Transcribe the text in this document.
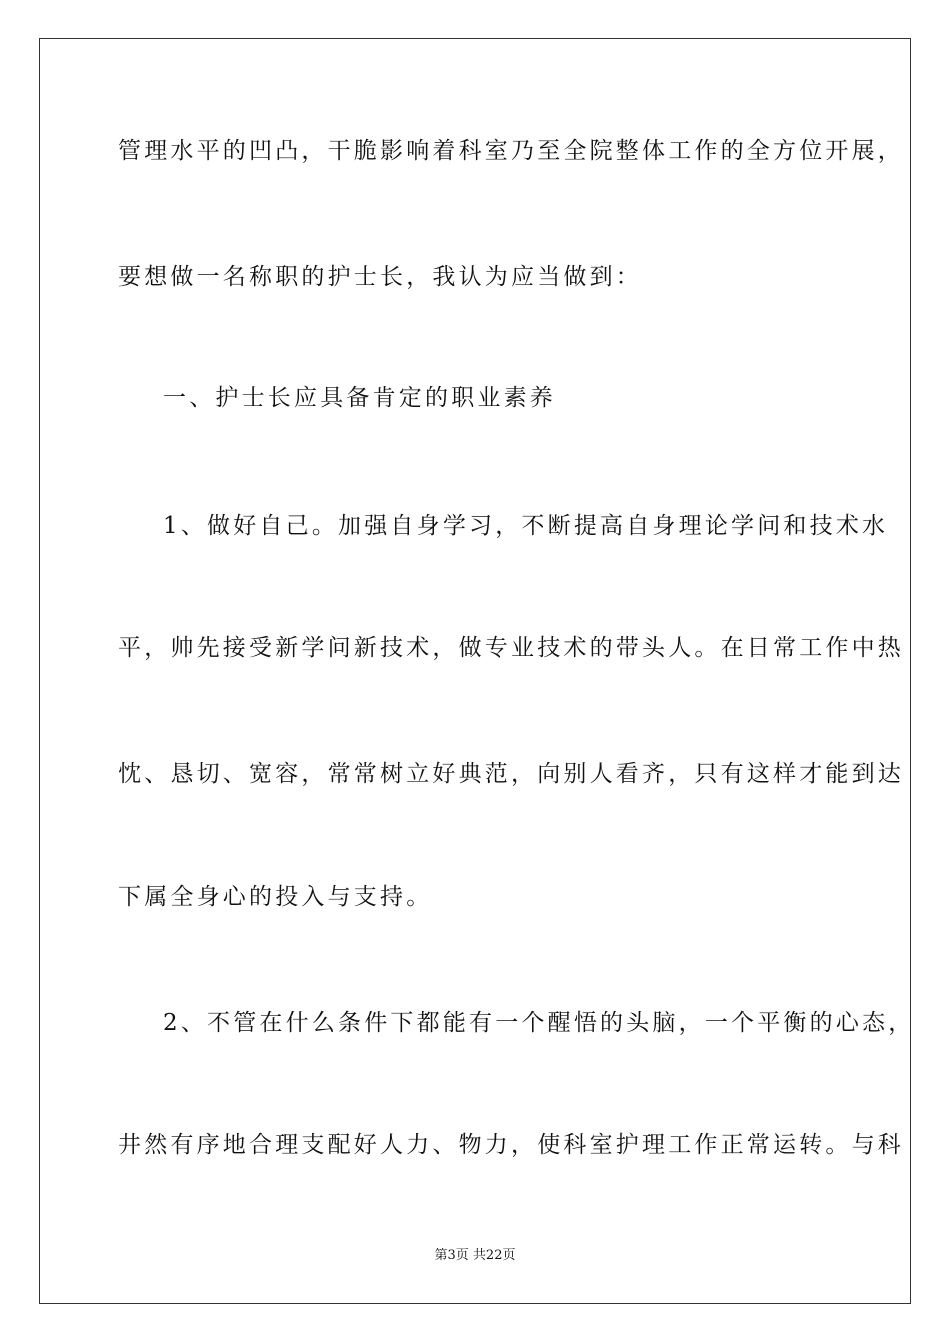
管理水平的凹凸，干脆影响着科室乃至全院整体工作的全方位开展，
要想做一名称职的护士长，我认为应当做到：
一、护士长应具备肯定的职业素养
1、做好自己。加强自身学习，不断提高自身理论学问和技术水
平，帅先接受新学问新技术，做专业技术的带头人。在日常工作中热
忱、恳切、宽容，常常树立好典范，向别人看齐，只有这样才能到达
下属全身心的投入与支持。
2、不管在什么条件下都能有一个醒悟的头脑，一个平衡的心态，
井然有序地合理支配好人力、物力，使科室护理工作正常运转。与科
第3页 共22页
